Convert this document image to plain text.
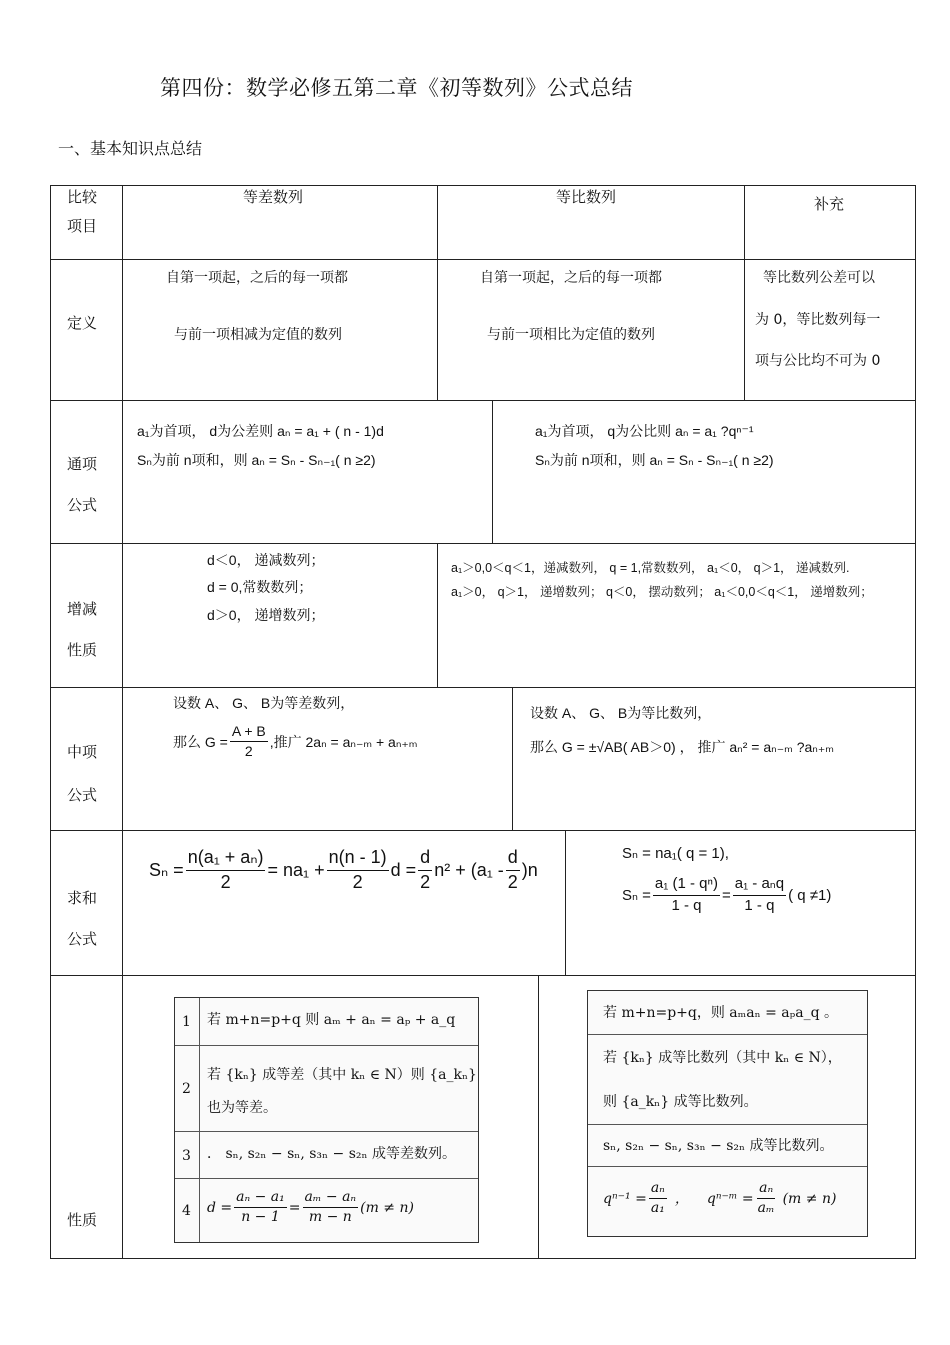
第四份：数学必修五第二章《初等数列》公式总结
一、基本知识点总结
比较
项目
等差数列	等比数列	补充
定义
自第一项起，之后的每一项都
与前一项相减为定值的数列
自第一项起，之后的每一项都
与前一项相比为定值的数列
等比数列公差可以
为 0，等比数列每一
项与公比均不可为 0
通项
公式
a₁为首项， d为公差则 aₙ = a₁ + ( n - 1)d
Sₙ为前 n项和，则 aₙ = Sₙ - Sₙ₋₁( n ≥2)
a₁为首项， q为公比则 aₙ = a₁ ?qⁿ⁻¹
Sₙ为前 n项和，则 aₙ = Sₙ - Sₙ₋₁( n ≥2)
增减
性质
d＜0， 递减数列；
d = 0,常数数列；
d＞0， 递增数列；
a₁＞0,0＜q＜1，递减数列， q = 1,常数数列， a₁＜0， q＞1， 递减数列.
a₁＞0， q＞1， 递增数列； q＜0， 摆动数列； a₁＜0,0＜q＜1， 递增数列；
中项
公式
设数 A、 G、 B为等差数列，
那么 $G = \frac{A + B}{2}$ ,推广 2aₙ = aₙ₋ₘ + aₙ₊ₘ
设数 A、 G、 B为等比数列，
那么 G = ±√AB( AB＞0) ， 推广 aₙ² = aₙ₋ₘ ?aₙ₊ₘ
求和
公式
$S_n = \frac{\text{n(a₁ + aₙ)}}{2} = na_1 + \frac{n(n - 1)}{2}$ $d = \frac{d}{2} n^2 + (a_1 - \frac{d}{2} )n$
Sₙ = na₁( q = 1),
$S_n = \frac{\text{a₁ (1 - qⁿ)}}{1 - q} = \frac{\text{a₁ - aₙq}}{1 - q}$ ( q ≠1)
性质
1 若 m+n=p+q 则 aₘ + aₙ = aₚ + a_q
2
若 {kₙ} 成等差（其中 kₙ ∈ N）则 {a_kₙ}
也为等差。
3 ． sₙ, s₂ₙ − sₙ, s₃ₙ − s₂ₙ 成等差数列。
4 $d = \frac{\text{aₙ − a₁}}{n - 1} = \frac{\text{aₘ − aₙ}}{m - n} (m \ne n)$
若 m+n=p+q，则 aₘaₙ = aₚa_q 。
若 {kₙ} 成等比数列（其中 kₙ ∈ N），
则 {a_kₙ} 成等比数列。
sₙ, s₂ₙ − sₙ, s₃ₙ − s₂ₙ 成等比数列。
$q^{n-1} = \frac{\text{aₙ}}{\text{a₁}}$ ， qⁿ⁻ᵐ = $\frac{\text{aₙ}}{\text{aₘ}} (m \ne n)$
